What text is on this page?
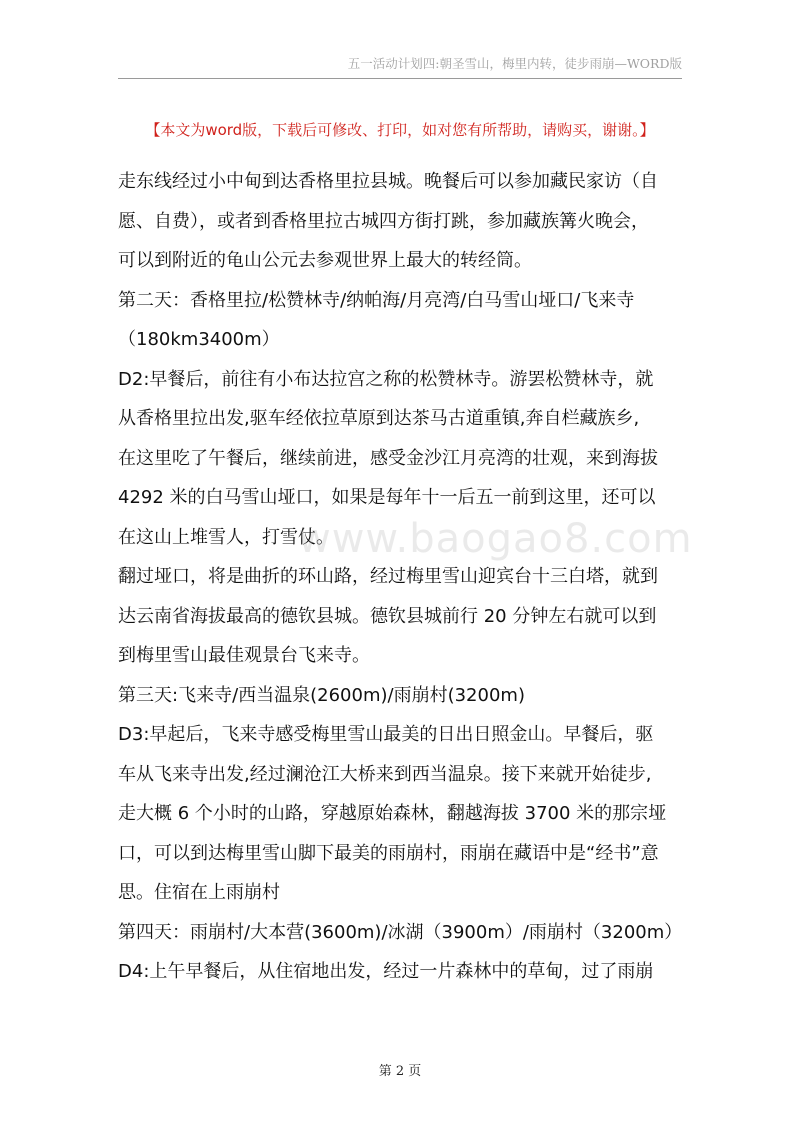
五一活动计划四:朝圣雪山，梅里内转，徒步雨崩—WORD版
【本文为word版，下载后可修改、打印，如对您有所帮助，请购买，谢谢。】
走东线经过小中甸到达香格里拉县城。晚餐后可以参加藏民家访（自
愿、自费），或者到香格里拉古城四方街打跳，参加藏族篝火晚会，
可以到附近的龟山公元去参观世界上最大的转经筒。
第二天：香格里拉/松赞林寺/纳帕海/月亮湾/白马雪山垭口/飞来寺
（180km3400m）
D2:早餐后，前往有小布达拉宫之称的松赞林寺。游罢松赞林寺，就
从香格里拉出发,驱车经依拉草原到达茶马古道重镇,奔自栏藏族乡,
在这里吃了午餐后，继续前进，感受金沙江月亮湾的壮观，来到海拔
4292 米的白马雪山垭口，如果是每年十一后五一前到这里，还可以
在这山上堆雪人，打雪仗。
翻过垭口，将是曲折的环山路，经过梅里雪山迎宾台十三白塔，就到
达云南省海拔最高的德钦县城。德钦县城前行 20 分钟左右就可以到
到梅里雪山最佳观景台飞来寺。
第三天:飞来寺/西当温泉(2600m)/雨崩村(3200m)
D3:早起后，飞来寺感受梅里雪山最美的日出日照金山。早餐后，驱
车从飞来寺出发,经过澜沧江大桥来到西当温泉。接下来就开始徒步,
走大概 6 个小时的山路，穿越原始森林，翻越海拔 3700 米的那宗垭
口，可以到达梅里雪山脚下最美的雨崩村，雨崩在藏语中是“经书”意
思。住宿在上雨崩村
第四天：雨崩村/大本营(3600m)/冰湖（3900m）/雨崩村（3200m）
D4:上午早餐后，从住宿地出发，经过一片森林中的草甸，过了雨崩
www.baogao8.com
第 2 页
